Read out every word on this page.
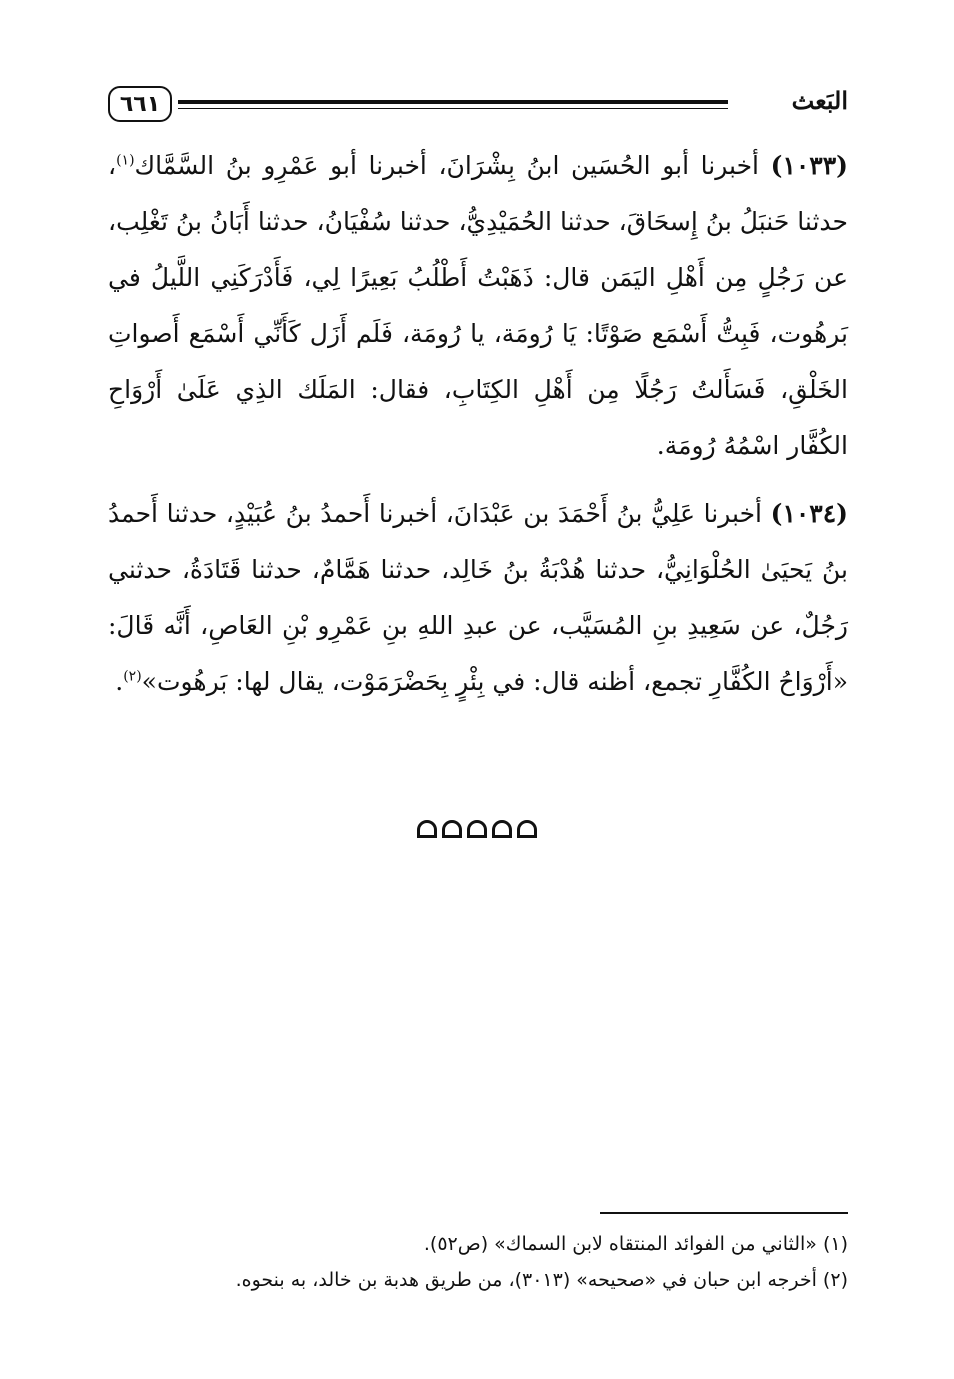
٦٦١	البَعث

(١٠٣٣) أخبرنا أبو الحُسَين ابنُ بِشْرَانَ، أخبرنا أبو عَمْرِو بنُ السَّمَّاك$^{(١)}$، حدثنا حَنبَلُ بنُ إِسحَاقَ، حدثنا الحُمَيْدِيُّ، حدثنا سُفْيَانُ، حدثنا أَبَانُ بنُ تَغْلِب، عن رَجُلٍ مِن أَهْلِ اليَمَن قال: ذَهَبْتُ أَطْلُبُ بَعِيرًا لِي، فَأَدْرَكَنِي اللَّيلُ في بَرهُوت، فَبِتُّ أَسْمَع صَوْتًا: يَا رُومَة، يا رُومَة، فَلَم أَزَل كَأَنِّي أَسْمَع أَصواتِ الخَلْقِ، فَسَأَلتُ رَجُلًا مِن أَهْلِ الكِتَابِ، فقال: المَلَك الذِي عَلَىٰ أَرْوَاحِ الكُفَّار اسْمُهُ رُومَة.

(١٠٣٤) أخبرنا عَلِيُّ بنُ أَحْمَدَ بن عَبْدَانَ، أخبرنا أَحمدُ بنُ عُبَيْدٍ، حدثنا أَحمدُ بنُ يَحيَىٰ الحُلْوَانِيُّ، حدثنا هُدْبَةُ بنُ خَالِد، حدثنا هَمَّامٌ، حدثنا قَتَادَةُ، حدثني رَجُلٌ، عن سَعِيدِ بنِ المُسَيَّب، عن عبدِ اللهِ بنِ عَمْرِو بْنِ العَاصِ، أَنَّه قَالَ: «أَرْوَاحُ الكُفَّارِ تجمع، أظنه قال: في بِئْرٍ بِحَضْرَمَوْت، يقال لها: بَرهُوت»$^{(٢)}$.

(١) «الثاني من الفوائد المنتقاه لابن السماك» (ص٥٢).

(٢) أخرجه ابن حبان في «صحيحه» (٣٠١٣)، من طريق هدبة بن خالد، به بنحوه.
